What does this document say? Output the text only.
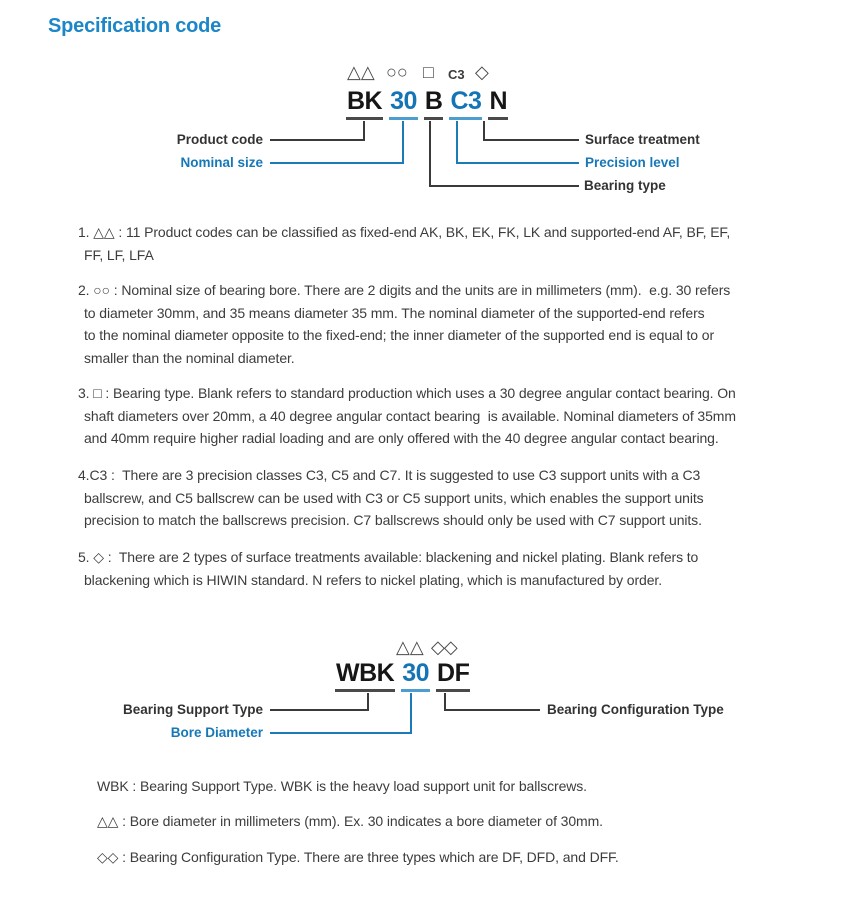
Specification code
△△ ○○ □ C3 ◇
BK 30 B C3 N
Product code
Nominal size
Surface treatment
Precision level
Bearing type
1. △△ : 11 Product codes can be classified as fixed-end AK, BK, EK, FK, LK and supported-end AF, BF, EF,
FF, LF, LFA
2. ○○ : Nominal size of bearing bore. There are 2 digits and the units are in millimeters (mm).  e.g. 30 refers
to diameter 30mm, and 35 means diameter 35 mm. The nominal diameter of the supported-end refers
to the nominal diameter opposite to the fixed-end; the inner diameter of the supported end is equal to or
smaller than the nominal diameter.
3. □ : Bearing type. Blank refers to standard production which uses a 30 degree angular contact bearing. On
shaft diameters over 20mm, a 40 degree angular contact bearing  is available. Nominal diameters of 35mm
and 40mm require higher radial loading and are only offered with the 40 degree angular contact bearing.
4.C3 :  There are 3 precision classes C3, C5 and C7. It is suggested to use C3 support units with a C3
ballscrew, and C5 ballscrew can be used with C3 or C5 support units, which enables the support units
precision to match the ballscrews precision. C7 ballscrews should only be used with C7 support units.
5. ◇ :  There are 2 types of surface treatments available: blackening and nickel plating. Blank refers to
blackening which is HIWIN standard. N refers to nickel plating, which is manufactured by order.
△△ ◇◇
WBK 30 DF
Bearing Support Type
Bore Diameter
Bearing Configuration Type
WBK : Bearing Support Type. WBK is the heavy load support unit for ballscrews.
△△ : Bore diameter in millimeters (mm). Ex. 30 indicates a bore diameter of 30mm.
◇◇ : Bearing Configuration Type. There are three types which are DF, DFD, and DFF.
